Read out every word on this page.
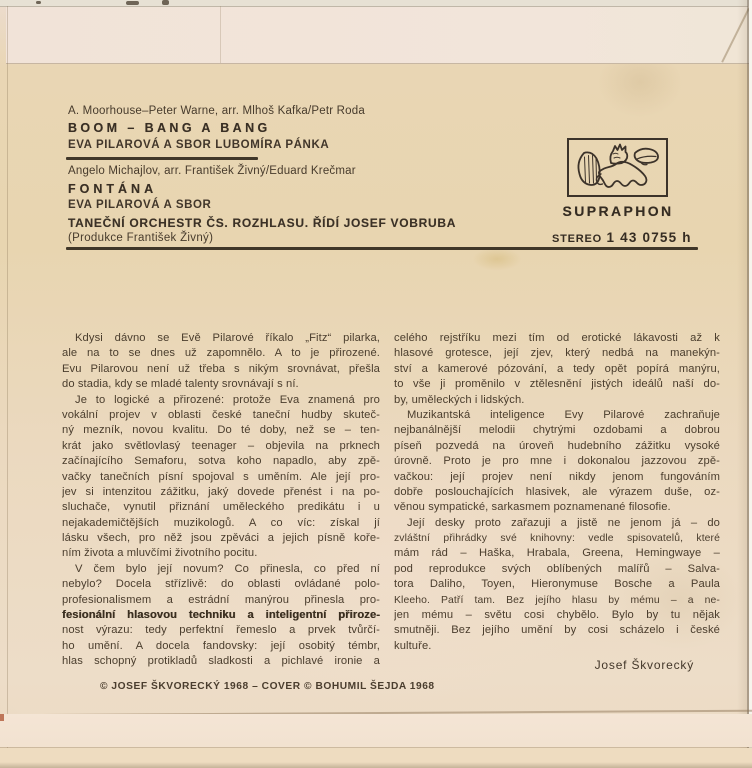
A. Moorhouse–Peter Warne, arr. Mlhoš Kafka/Petr Roda
BOOM – BANG A BANG
EVA PILAROVÁ A SBOR LUBOMÍRA PÁNKA
Angelo Michajlov, arr. František Živný/Eduard Krečmar
FONTÁNA
EVA PILAROVÁ A SBOR
TANEČNÍ ORCHESTR ČS. ROZHLASU. ŘÍDÍ JOSEF VOBRUBA
(Produkce František Živný)
SUPRAPHON
STEREO 1 43 0755 h
Kdysi dávno se Evě Pilarové říkalo „Fitz“ pilarka,
ale na to se dnes už zapomnělo. A to je přirozené.
Evu Pilarovou není už třeba s nikým srovnávat, přešla
do stadia, kdy se mladé talenty srovnávají s ní.
Je to logické a přirozené: protože Eva znamená pro
vokální projev v oblasti české taneční hudby skuteč-
ný mezník, novou kvalitu. Do té doby, než se – ten-
krát jako světlovlasý teenager – objevila na prknech
začínajícího Semaforu, sotva koho napadlo, aby zpě-
vačky tanečních písní spojoval s uměním. Ale její pro-
jev si intenzitou zážitku, jaký dovede přenést i na po-
sluchače, vynutil přiznání uměleckého predikátu i u
nejakademičtějších muzikologů. A co víc: získal jí
lásku všech, pro něž jsou zpěváci a jejich písně koře-
ním života a mluvčími životního pocitu.
V čem bylo její novum? Co přinesla, co před ní
nebylo? Docela střízlivě: do oblasti ovládané polo-
profesionalismem a estrádní manýrou přinesla pro-
fesionální hlasovou techniku a inteligentní přiroze-
nost výrazu: tedy perfektní řemeslo a prvek tvůrčí-
ho umění. A docela fandovsky: její osobitý témbr,
hlas schopný protikladů sladkosti a pichlavé ironie a
celého rejstříku mezi tím od erotické lákavosti až k
hlasové grotesce, její zjev, který nedbá na manekýn-
ství a kamerové pózování, a tedy opět popírá manýru,
to vše ji proměnilo v ztělesnění jistých ideálů naší do-
by, uměleckých i lidských.
Muzikantská inteligence Evy Pilarové zachraňuje
nejbanálnější melodii chytrými ozdobami a dobrou
píseň pozvedá na úroveň hudebního zážitku vysoké
úrovně. Proto je pro mne i dokonalou jazzovou zpě-
vačkou: její projev není nikdy jenom fungováním
dobře poslouchajících hlasivek, ale výrazem duše, oz-
věnou sympatické, sarkasmem poznamenané filosofie.
Její desky proto zařazuji a jistě ne jenom já – do
zvláštní přihrádky své knihovny: vedle spisovatelů, které
mám rád – Haška, Hrabala, Greena, Hemingwaye –
pod reprodukce svých oblíbených malířů – Salva-
tora Daliho, Toyen, Hieronymuse Bosche a Paula
Kleeho. Patří tam. Bez jejího hlasu by mému – a ne-
jen mému – světu cosi chybělo. Bylo by tu nějak
smutněji. Bez jejího umění by cosi scházelo i české
kultuře.
Josef Škvorecký
© JOSEF ŠKVORECKÝ 1968 – COVER © BOHUMIL ŠEJDA 1968
